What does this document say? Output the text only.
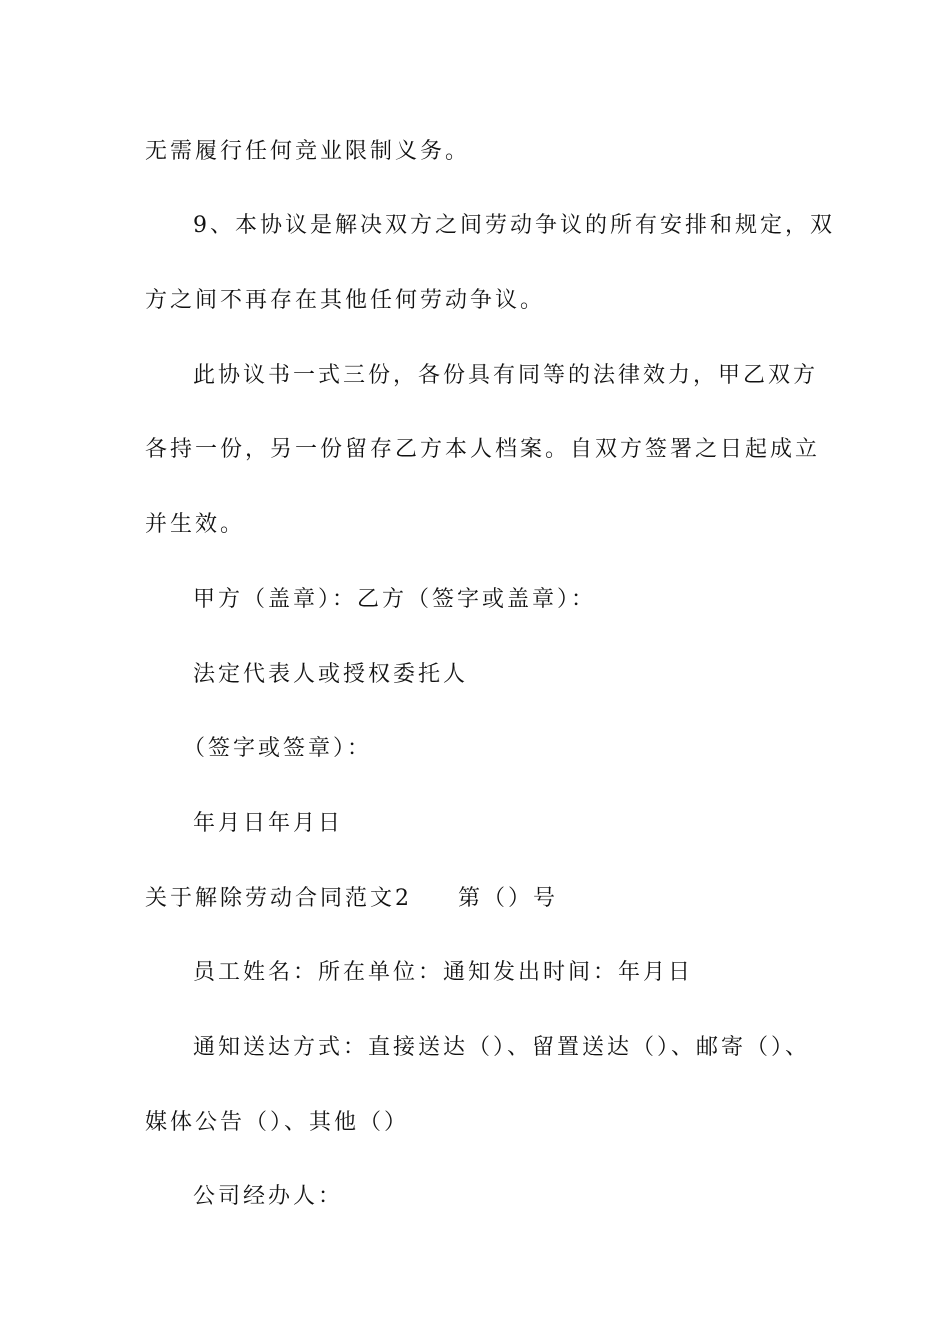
无需履行任何竞业限制义务。
9、本协议是解决双方之间劳动争议的所有安排和规定，双
方之间不再存在其他任何劳动争议。
此协议书一式三份，各份具有同等的法律效力，甲乙双方
各持一份，另一份留存乙方本人档案。自双方签署之日起成立
并生效。
甲方（盖章）：乙方（签字或盖章）：
法定代表人或授权委托人
（签字或签章）：
年月日年月日
关于解除劳动合同范文2 第（）号
员工姓名：所在单位：通知发出时间：年月日
通知送达方式：直接送达（）、留置送达（）、邮寄（）、
媒体公告（）、其他（）
公司经办人：
